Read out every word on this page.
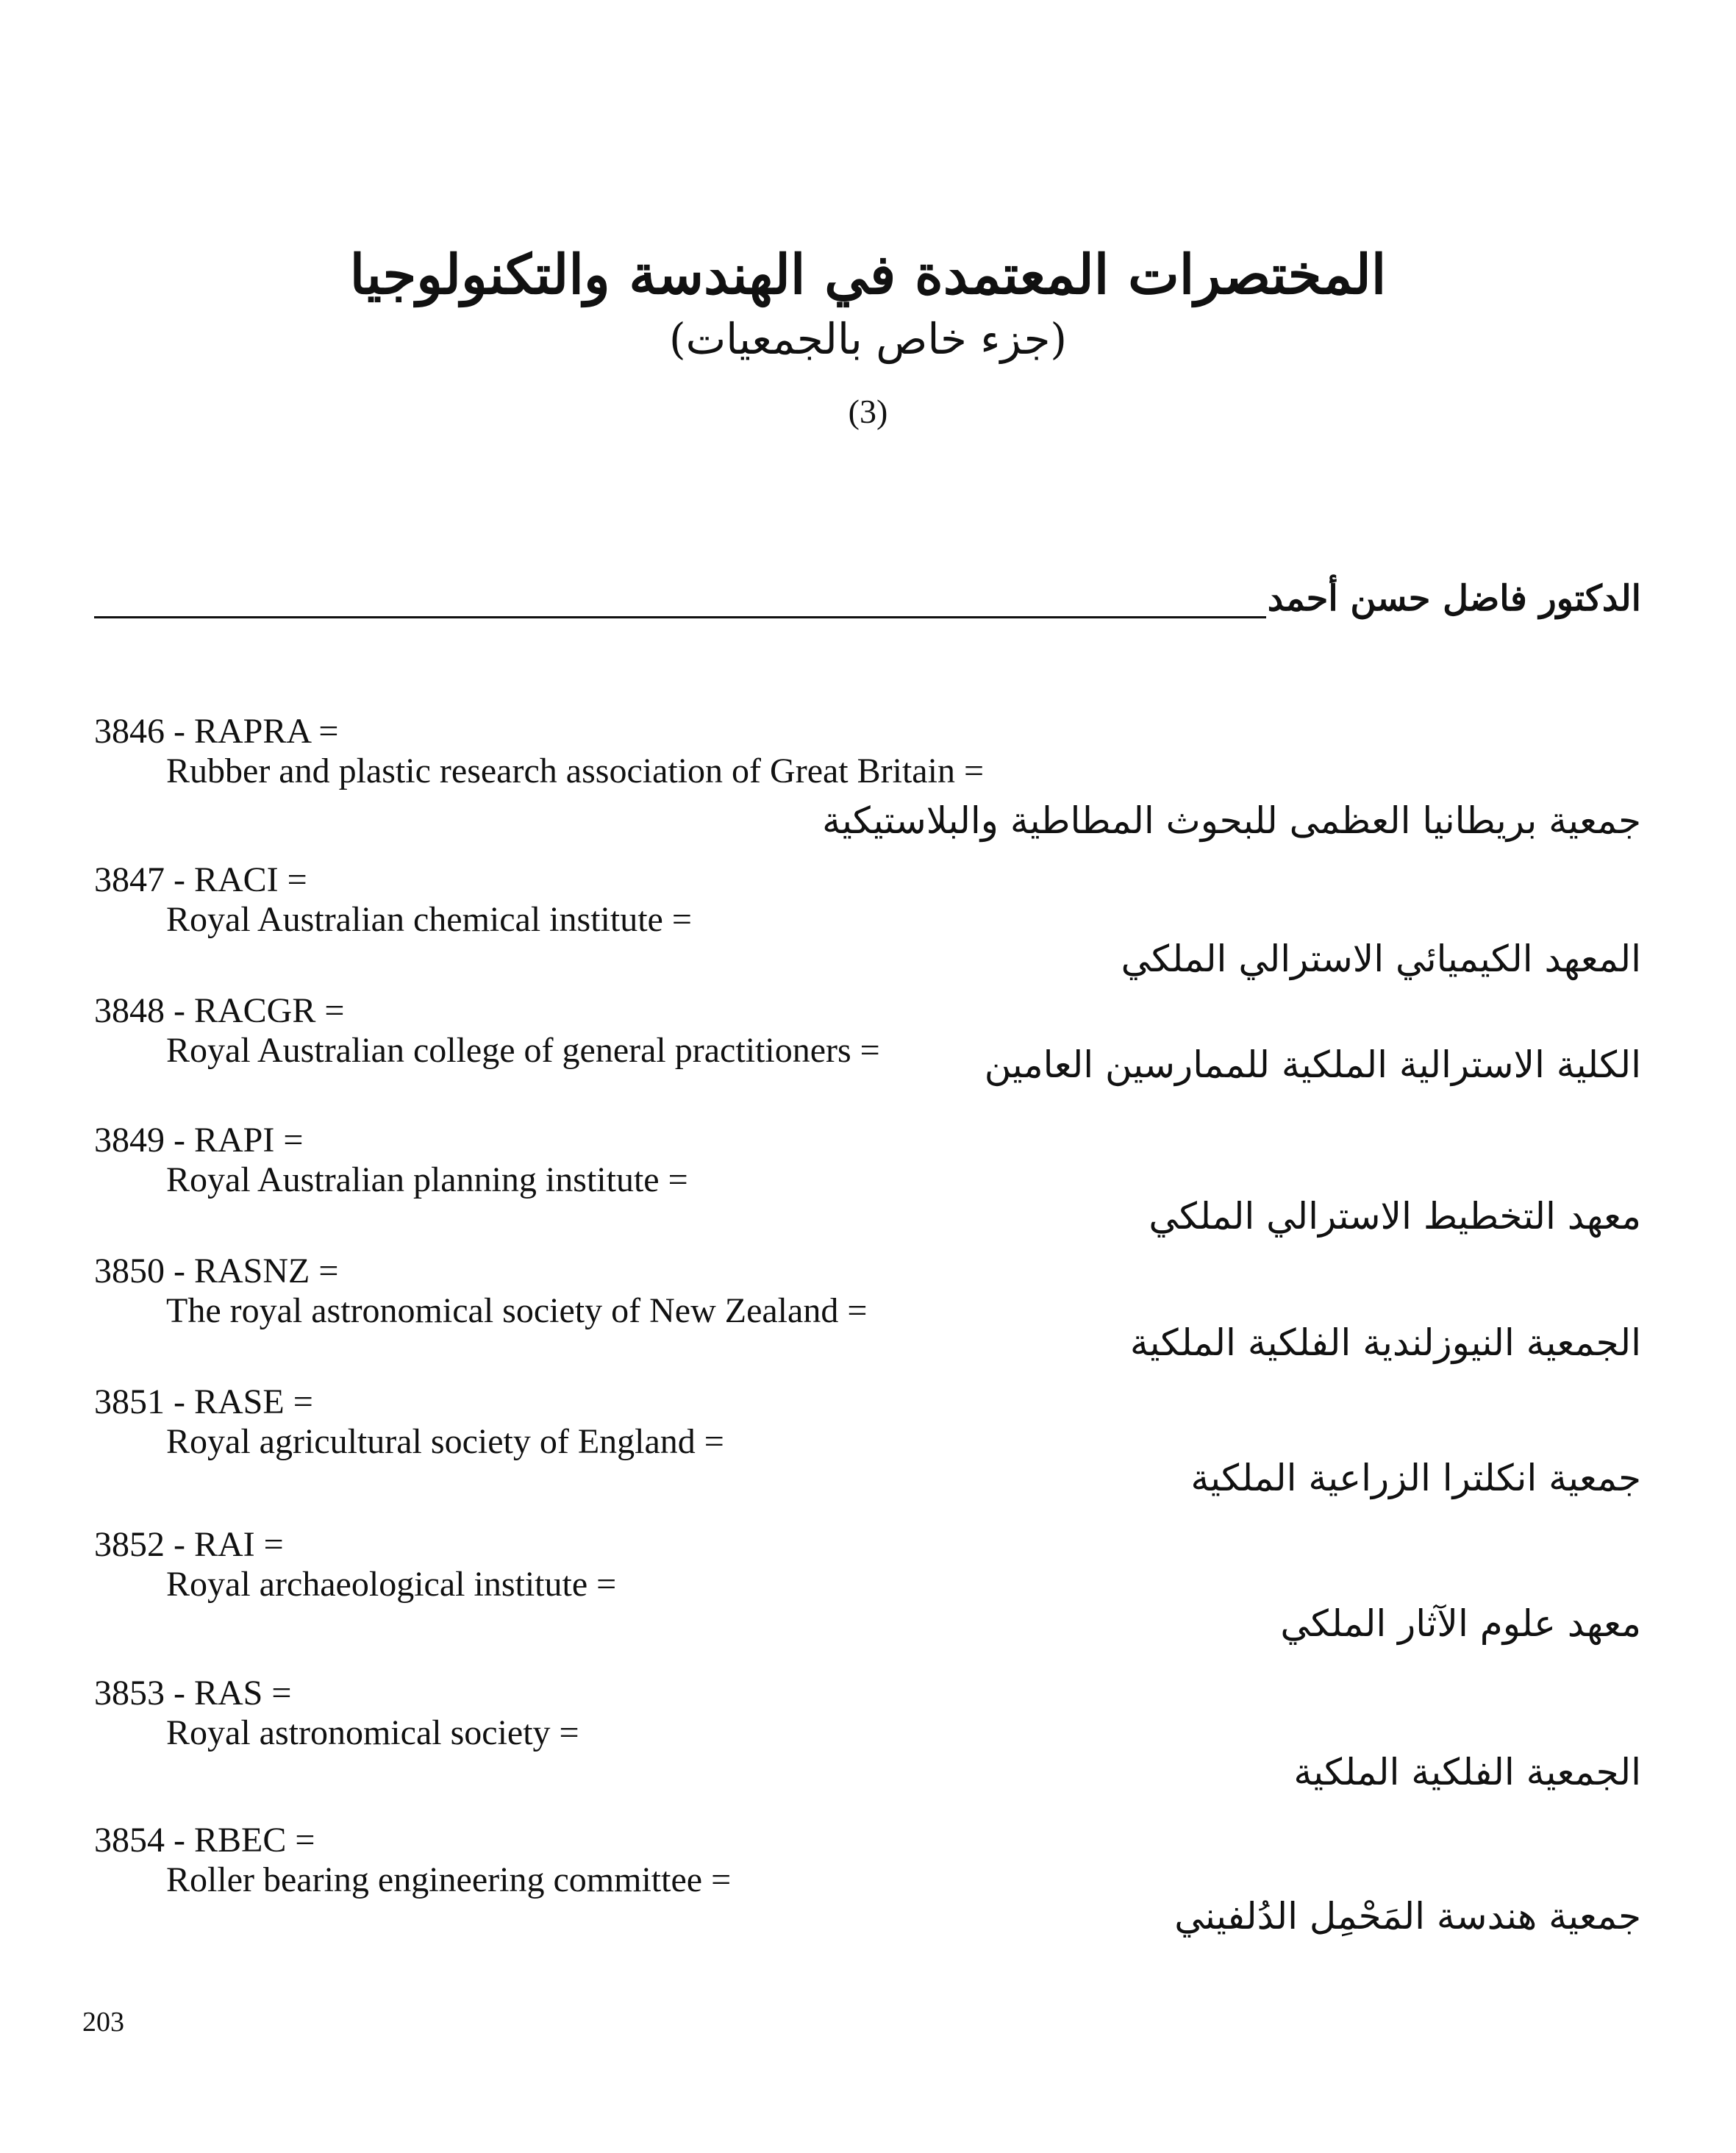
المختصرات المعتمدة في الهندسة والتكنولوجيا
(جزء خاص بالجمعيات)
(3)
الدكتور فاضل حسن أحمد
3846 - RAPRA =
Rubber and plastic research association of Great Britain =
جمعية بريطانيا العظمى للبحوث المطاطية والبلاستيكية
3847 - RACI =
Royal Australian chemical institute =
المعهد الكيميائي الاسترالي الملكي
3848 - RACGR =
Royal Australian college of general practitioners =	الكلية الاسترالية الملكية للممارسين العامين
3849 - RAPI =
Royal Australian planning institute =
معهد التخطيط الاسترالي الملكي
3850 - RASNZ =
The royal astronomical society of New Zealand =
الجمعية النيوزلندية الفلكية الملكية
3851 - RASE =
Royal agricultural society of England =
جمعية انكلترا الزراعية الملكية
3852 - RAI =
Royal archaeological institute =
معهد علوم الآثار الملكي
3853 - RAS =
Royal astronomical society =
الجمعية الفلكية الملكية
3854 - RBEC =
Roller bearing engineering committee =
جمعية هندسة المَحْمِل الدُلفيني
203
